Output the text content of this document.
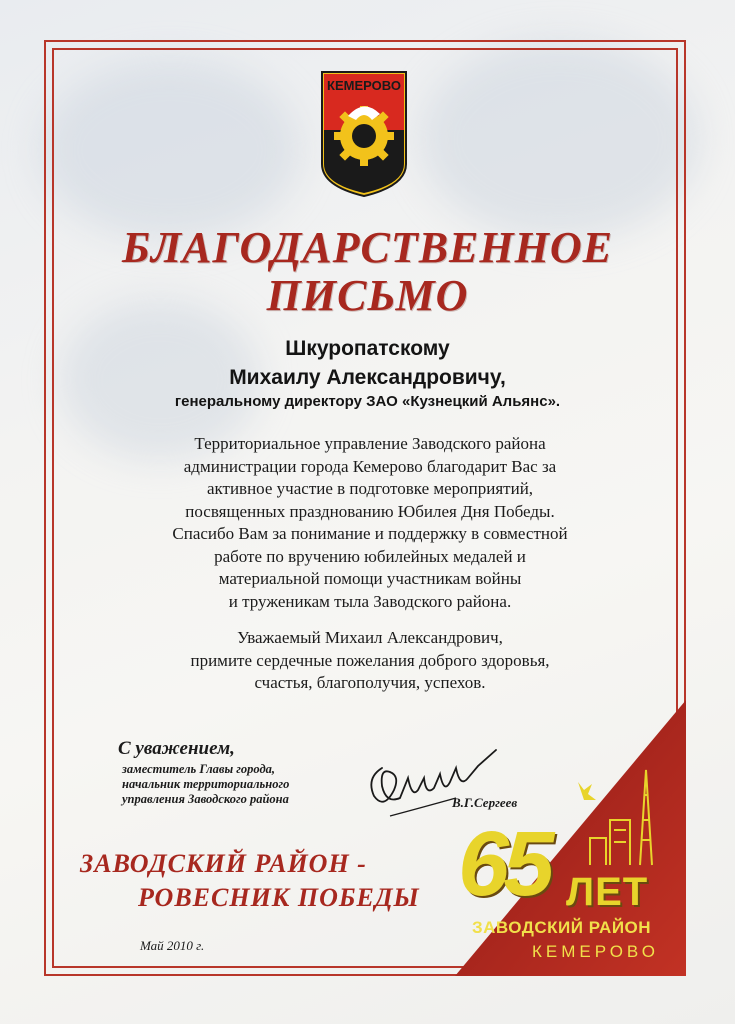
КЕМЕРОВО
БЛАГОДАРСТВЕННОЕ
ПИСЬМО
Шкуропатскому
Михаилу Александровичу,
генеральному директору ЗАО «Кузнецкий Альянс».
Территориальное управление Заводского района
администрации города Кемерово благодарит Вас за
активное участие в подготовке мероприятий,
посвященных празднованию Юбилея Дня Победы.
Спасибо Вам за понимание и поддержку в совместной
работе по вручению юбилейных медалей и
материальной помощи участникам войны
и труженикам тыла Заводского района.
Уважаемый Михаил Александрович,
примите сердечные пожелания доброго здоровья,
счастья, благополучия, успехов.
С уважением,
заместитель Главы города,
начальник территориального
управления Заводского района	В.Г.Сергеев
ЗАВОДСКИЙ РАЙОН -
РОВЕСНИК ПОБЕДЫ
Май 2010 г.
65 ЛЕТ
ЗАВОДСКИЙ РАЙОН
КЕМЕРОВО
